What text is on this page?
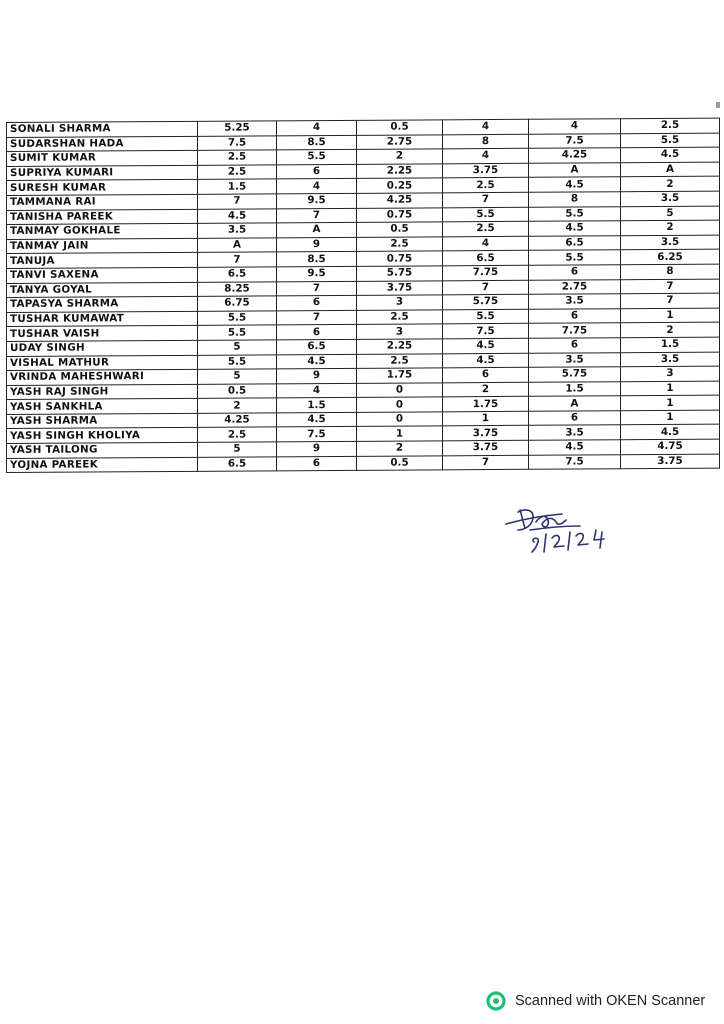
SONALI SHARMA	5.25	4	0.5	4	4	2.5
SUDARSHAN HADA	7.5	8.5	2.75	8	7.5	5.5
SUMIT KUMAR	2.5	5.5	2	4	4.25	4.5
SUPRIYA KUMARI	2.5	6	2.25	3.75	A	A
SURESH KUMAR	1.5	4	0.25	2.5	4.5	2
TAMMANA RAI	7	9.5	4.25	7	8	3.5
TANISHA PAREEK	4.5	7	0.75	5.5	5.5	5
TANMAY GOKHALE	3.5	A	0.5	2.5	4.5	2
TANMAY JAIN	A	9	2.5	4	6.5	3.5
TANUJA	7	8.5	0.75	6.5	5.5	6.25
TANVI SAXENA	6.5	9.5	5.75	7.75	6	8
TANYA GOYAL	8.25	7	3.75	7	2.75	7
TAPASYA SHARMA	6.75	6	3	5.75	3.5	7
TUSHAR KUMAWAT	5.5	7	2.5	5.5	6	1
TUSHAR VAISH	5.5	6	3	7.5	7.75	2
UDAY SINGH	5	6.5	2.25	4.5	6	1.5
VISHAL MATHUR	5.5	4.5	2.5	4.5	3.5	3.5
VRINDA MAHESHWARI	5	9	1.75	6	5.75	3
YASH RAJ SINGH	0.5	4	0	2	1.5	1
YASH SANKHLA	2	1.5	0	1.75	A	1
YASH SHARMA	4.25	4.5	0	1	6	1
YASH SINGH KHOLIYA	2.5	7.5	1	3.75	3.5	4.5
YASH TAILONG	5	9	2	3.75	4.5	4.75
YOJNA PAREEK	6.5	6	0.5	7	7.5	3.75
Scanned with OKEN Scanner
